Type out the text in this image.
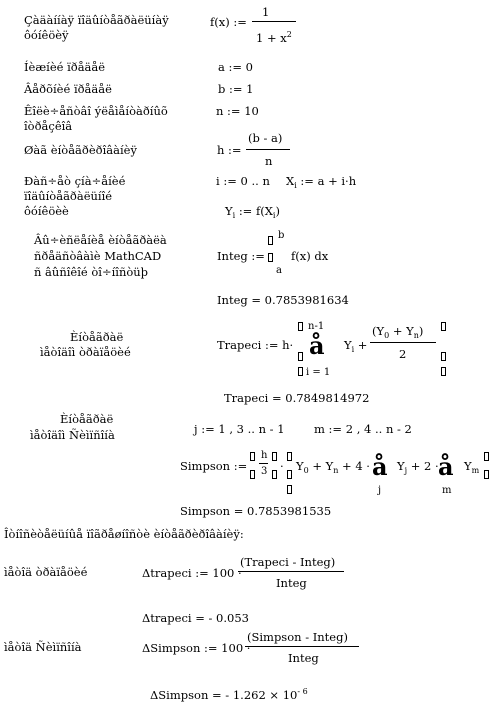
Çàäàííàÿ ïîäûíòåãðàëüíàÿ
ôóíêöèÿ
Íèæíèé ïðåäåë
Âåðõíèé ïðåäåë
Êîëè÷åñòâî ýëåìåíòàðíûõ
îòðåçêîâ
Øàã èíòåãðèðîâàíèÿ
Ðàñ÷åò çíà÷åíèé
ïîäûíòåãðàëüíîé
ôóíêöèè
Âû÷èñëåíèå èíòåãðàëà
ñðåäñòâàìè MathCAD
ñ âûñîêîé òî÷íîñòüþ
Èíòåãðàë
ìåòîäîì òðàïåöèé
Èíòåãðàë
ìåòîäîì Ñèìïñîíà
Îòíîñèòåëüíûå ïîãðåøíîñòè èíòåãðèðîâàíèÿ:
ìåòîä òðàïåöèé
ìåòîä Ñèìïñîíà
f(x) :=
1
$1 + x^2$
a := 0
b := 1
n := 10
h :=
(b - a)
n
i := 0 .. n $X_i$ := a + i·h
$Y_i$ := $f(X_i)$
Integ :=
b
a
f(x) dx
Integ = 0.7853981634
Trapeci := h·
n-1
å
i = 1
$Y_i$ +
$(Y_0 + Y_n)$
2
Trapeci = 0.7849814972
j := 1 , 3 .. n - 1	m := 2 , 4 .. n - 2
Simpson :=
h
$3 \cdot Y_0 + Y_n + 4$ · å
j
$Y_j + 2$ · å
m
$Y_m$
Simpson = 0.7853981535
Δtrapeci := 100 ·
(Trapeci - Integ)
Integ
Δtrapeci = - 0.053
ΔSimpson := 100 ·
(Simpson - Integ)
Integ
ΔSimpson = - $1.262 \times 10^{- 6}$
